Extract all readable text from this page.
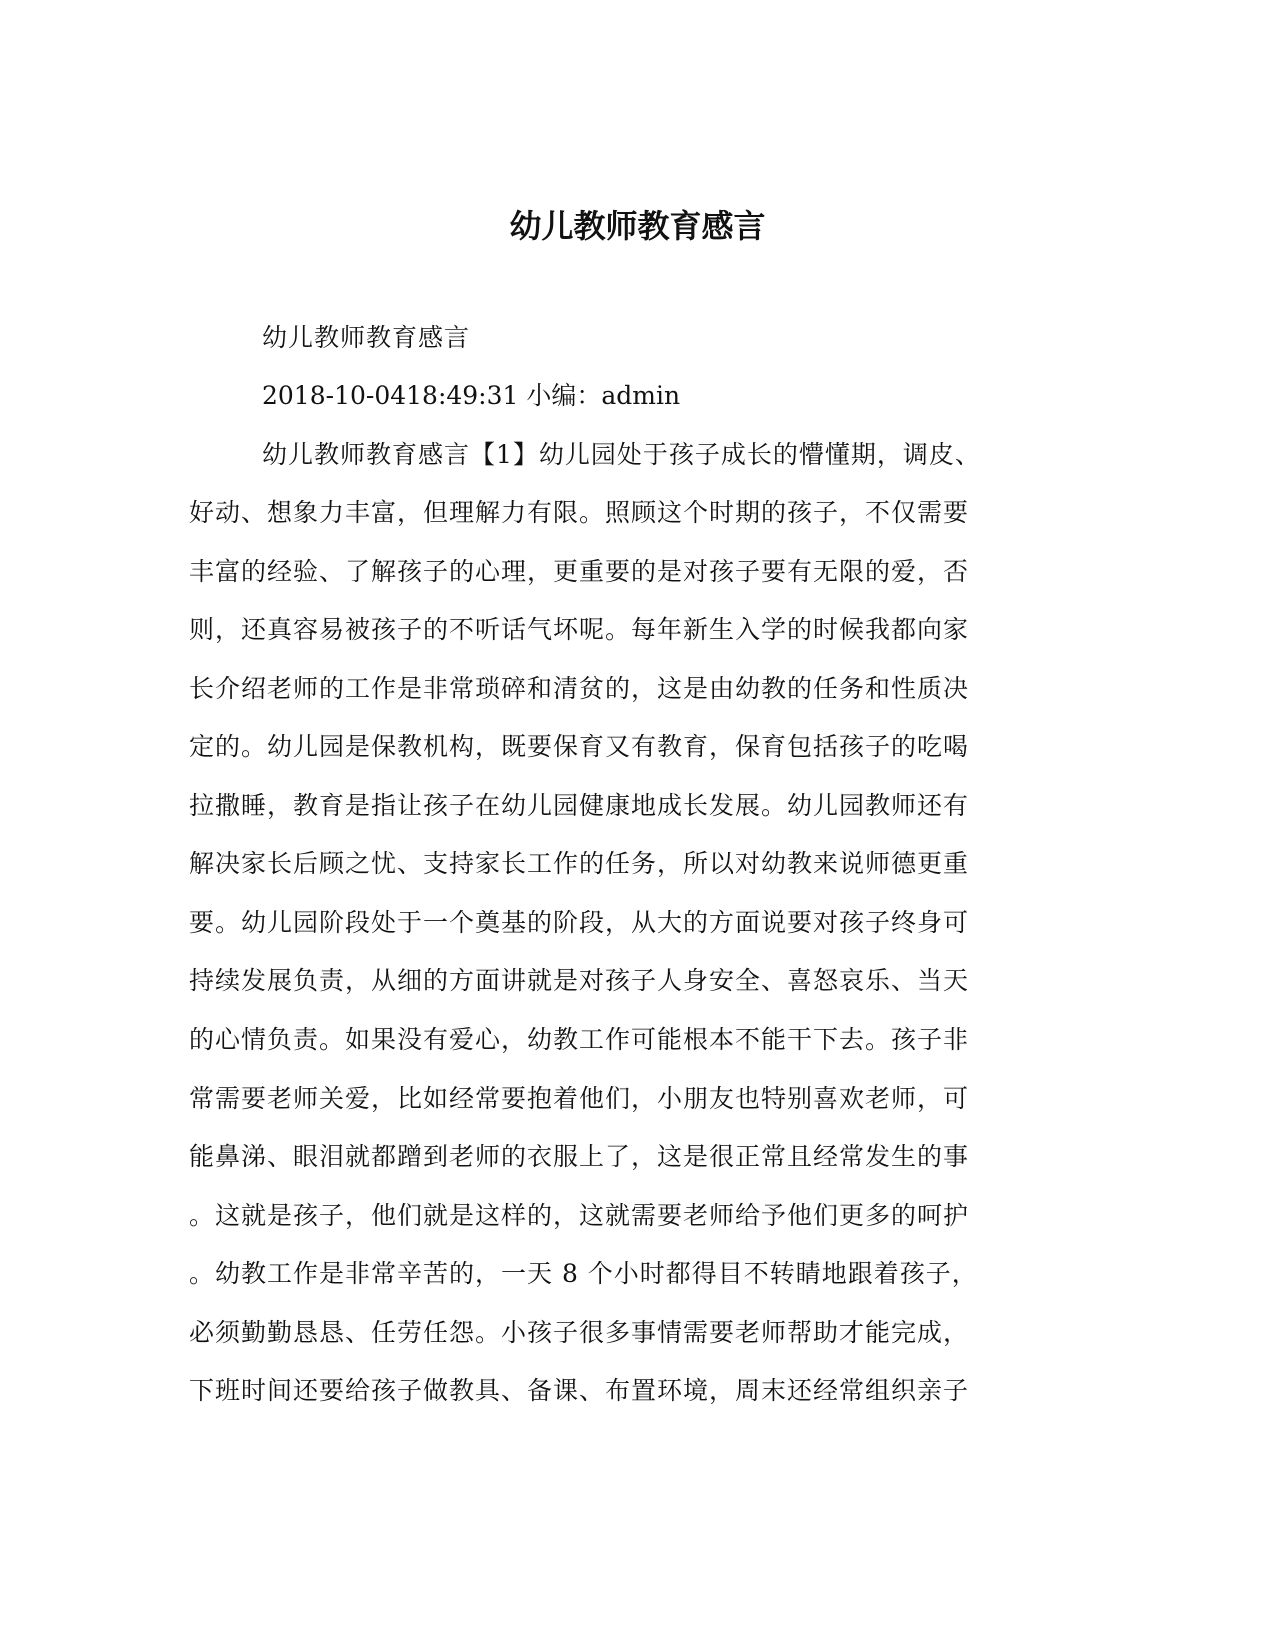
幼儿教师教育感言
幼儿教师教育感言
2018-10-0418:49:31 小编：admin
幼儿教师教育感言【1】幼儿园处于孩子成长的懵懂期，调皮、
好动、想象力丰富，但理解力有限。照顾这个时期的孩子，不仅需要
丰富的经验、了解孩子的心理，更重要的是对孩子要有无限的爱，否
则，还真容易被孩子的不听话气坏呢。每年新生入学的时候我都向家
长介绍老师的工作是非常琐碎和清贫的，这是由幼教的任务和性质决
定的。幼儿园是保教机构，既要保育又有教育，保育包括孩子的吃喝
拉撒睡，教育是指让孩子在幼儿园健康地成长发展。幼儿园教师还有
解决家长后顾之忧、支持家长工作的任务，所以对幼教来说师德更重
要。幼儿园阶段处于一个奠基的阶段，从大的方面说要对孩子终身可
持续发展负责，从细的方面讲就是对孩子人身安全、喜怒哀乐、当天
的心情负责。如果没有爱心，幼教工作可能根本不能干下去。孩子非
常需要老师关爱，比如经常要抱着他们，小朋友也特别喜欢老师，可
能鼻涕、眼泪就都蹭到老师的衣服上了，这是很正常且经常发生的事
。这就是孩子，他们就是这样的，这就需要老师给予他们更多的呵护
。幼教工作是非常辛苦的，一天 8 个小时都得目不转睛地跟着孩子，
必须勤勤恳恳、任劳任怨。小孩子很多事情需要老师帮助才能完成，
下班时间还要给孩子做教具、备课、布置环境，周末还经常组织亲子
